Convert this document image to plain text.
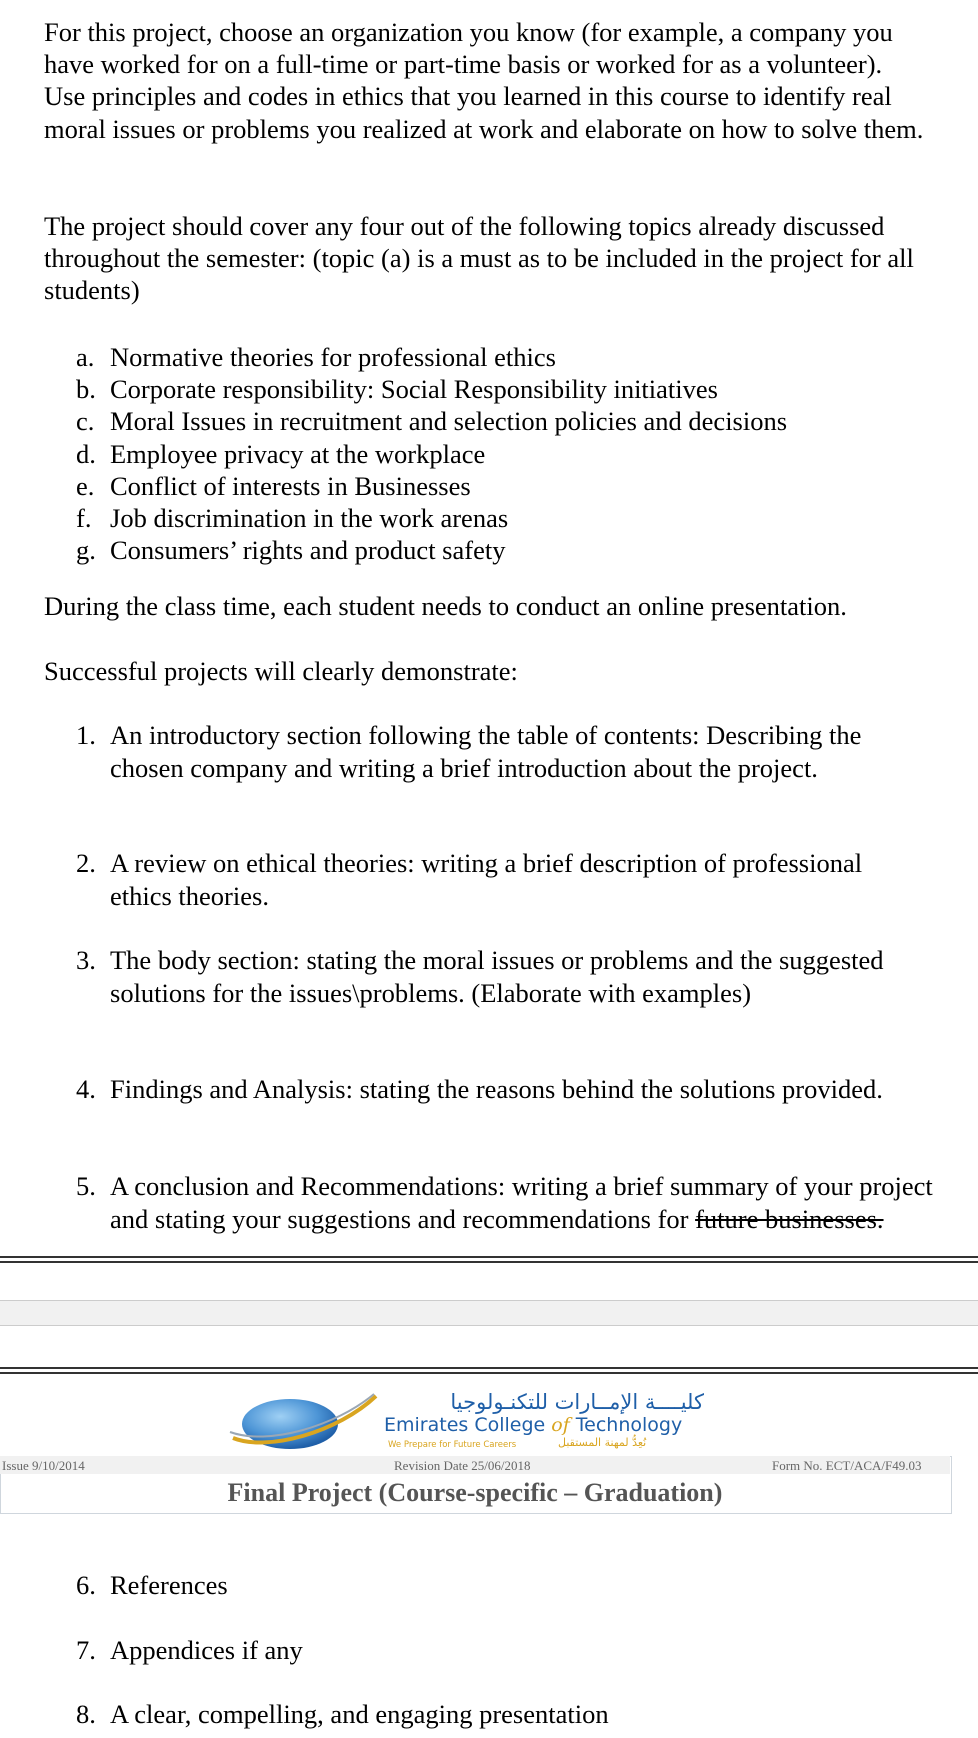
For this project, choose an organization you know (for example, a company you have worked for on a full-time or part-time basis or worked for as a volunteer). Use principles and codes in ethics that you learned in this course to identify real moral issues or problems you realized at work and elaborate on how to solve them.

The project should cover any four out of the following topics already discussed throughout the semester: (topic (a) is a must as to be included in the project for all students)

a. Normative theories for professional ethics
b. Corporate responsibility: Social Responsibility initiatives
c. Moral Issues in recruitment and selection policies and decisions
d. Employee privacy at the workplace
e. Conflict of interests in Businesses
f. Job discrimination in the work arenas
g. Consumers’ rights and product safety

During the class time, each student needs to conduct an online presentation.

Successful projects will clearly demonstrate:

1. An introductory section following the table of contents: Describing the chosen company and writing a brief introduction about the project.
2. A review on ethical theories: writing a brief description of professional ethics theories.
3. The body section: stating the moral issues or problems and the suggested solutions for the issues\problems. (Elaborate with examples)
4. Findings and Analysis: stating the reasons behind the solutions provided.
5. A conclusion and Recommendations: writing a brief summary of your project and stating your suggestions and recommendations for future businesses.
كليــــة الإمــارات للتكنـولوجيا
Emirates College of Technology
We Prepare for Future Careers	نُعِدُّ لمهنة المستقبل
Issue 9/10/2014	Revision Date 25/06/2018	Form No. ECT/ACA/F49.03
Final Project (Course-specific – Graduation)
6. References
7. Appendices if any
8. A clear, compelling, and engaging presentation
